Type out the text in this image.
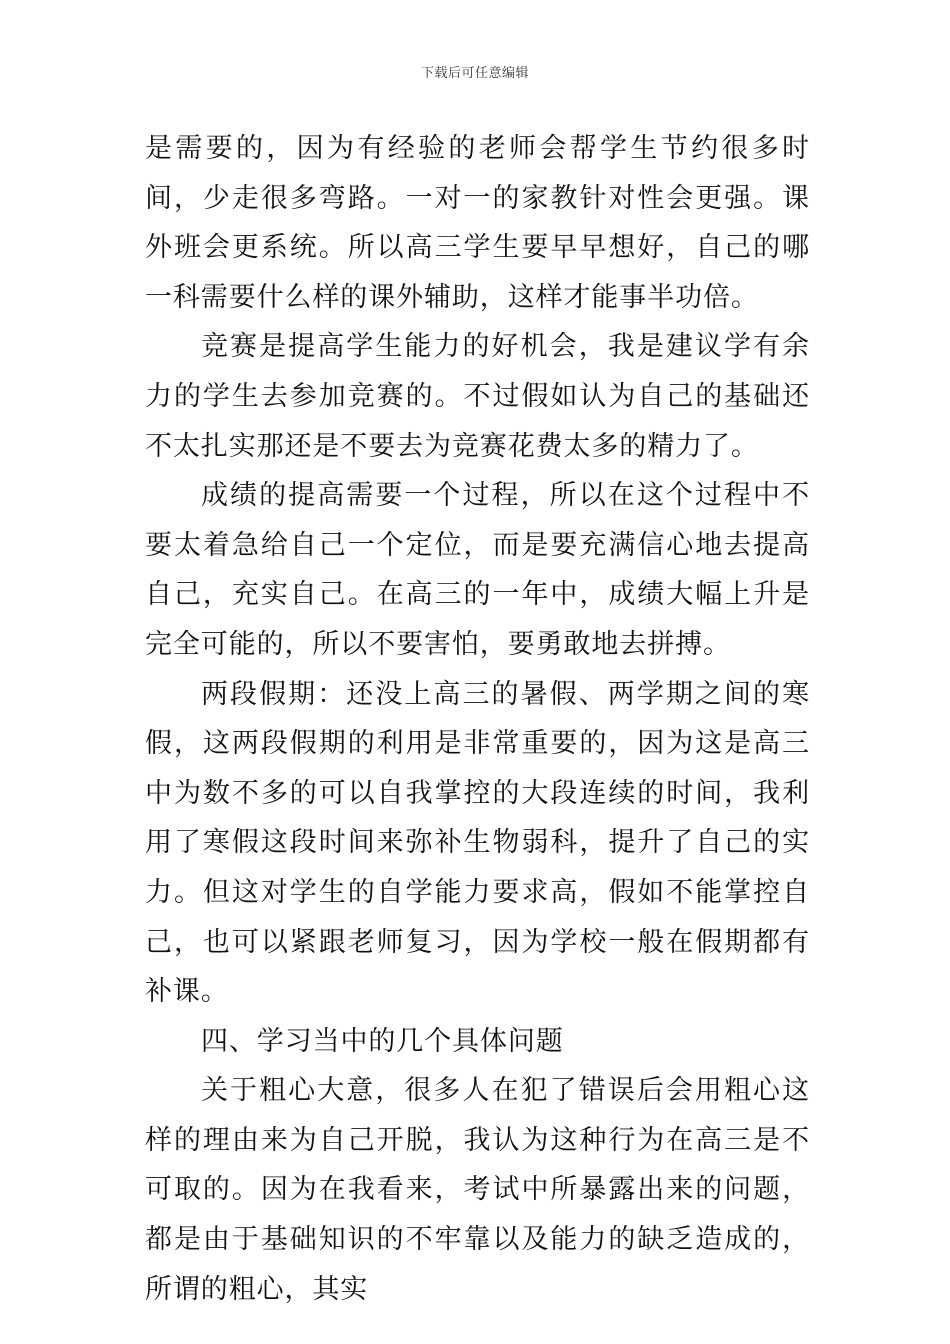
下载后可任意编辑

是需要的，因为有经验的老师会帮学生节约很多时间，少走很多弯路。一对一的家教针对性会更强。课外班会更系统。所以高三学生要早早想好，自己的哪一科需要什么样的课外辅助，这样才能事半功倍。

竞赛是提高学生能力的好机会，我是建议学有余力的学生去参加竞赛的。不过假如认为自己的基础还不太扎实那还是不要去为竞赛花费太多的精力了。

成绩的提高需要一个过程，所以在这个过程中不要太着急给自己一个定位，而是要充满信心地去提高自己，充实自己。在高三的一年中，成绩大幅上升是完全可能的，所以不要害怕，要勇敢地去拼搏。

两段假期：还没上高三的暑假、两学期之间的寒假，这两段假期的利用是非常重要的，因为这是高三中为数不多的可以自我掌控的大段连续的时间，我利用了寒假这段时间来弥补生物弱科，提升了自己的实力。但这对学生的自学能力要求高，假如不能掌控自己，也可以紧跟老师复习，因为学校一般在假期都有补课。

四、学习当中的几个具体问题

关于粗心大意，很多人在犯了错误后会用粗心这样的理由来为自己开脱，我认为这种行为在高三是不可取的。因为在我看来，考试中所暴露出来的问题，都是由于基础知识的不牢靠以及能力的缺乏造成的，所谓的粗心，其实
